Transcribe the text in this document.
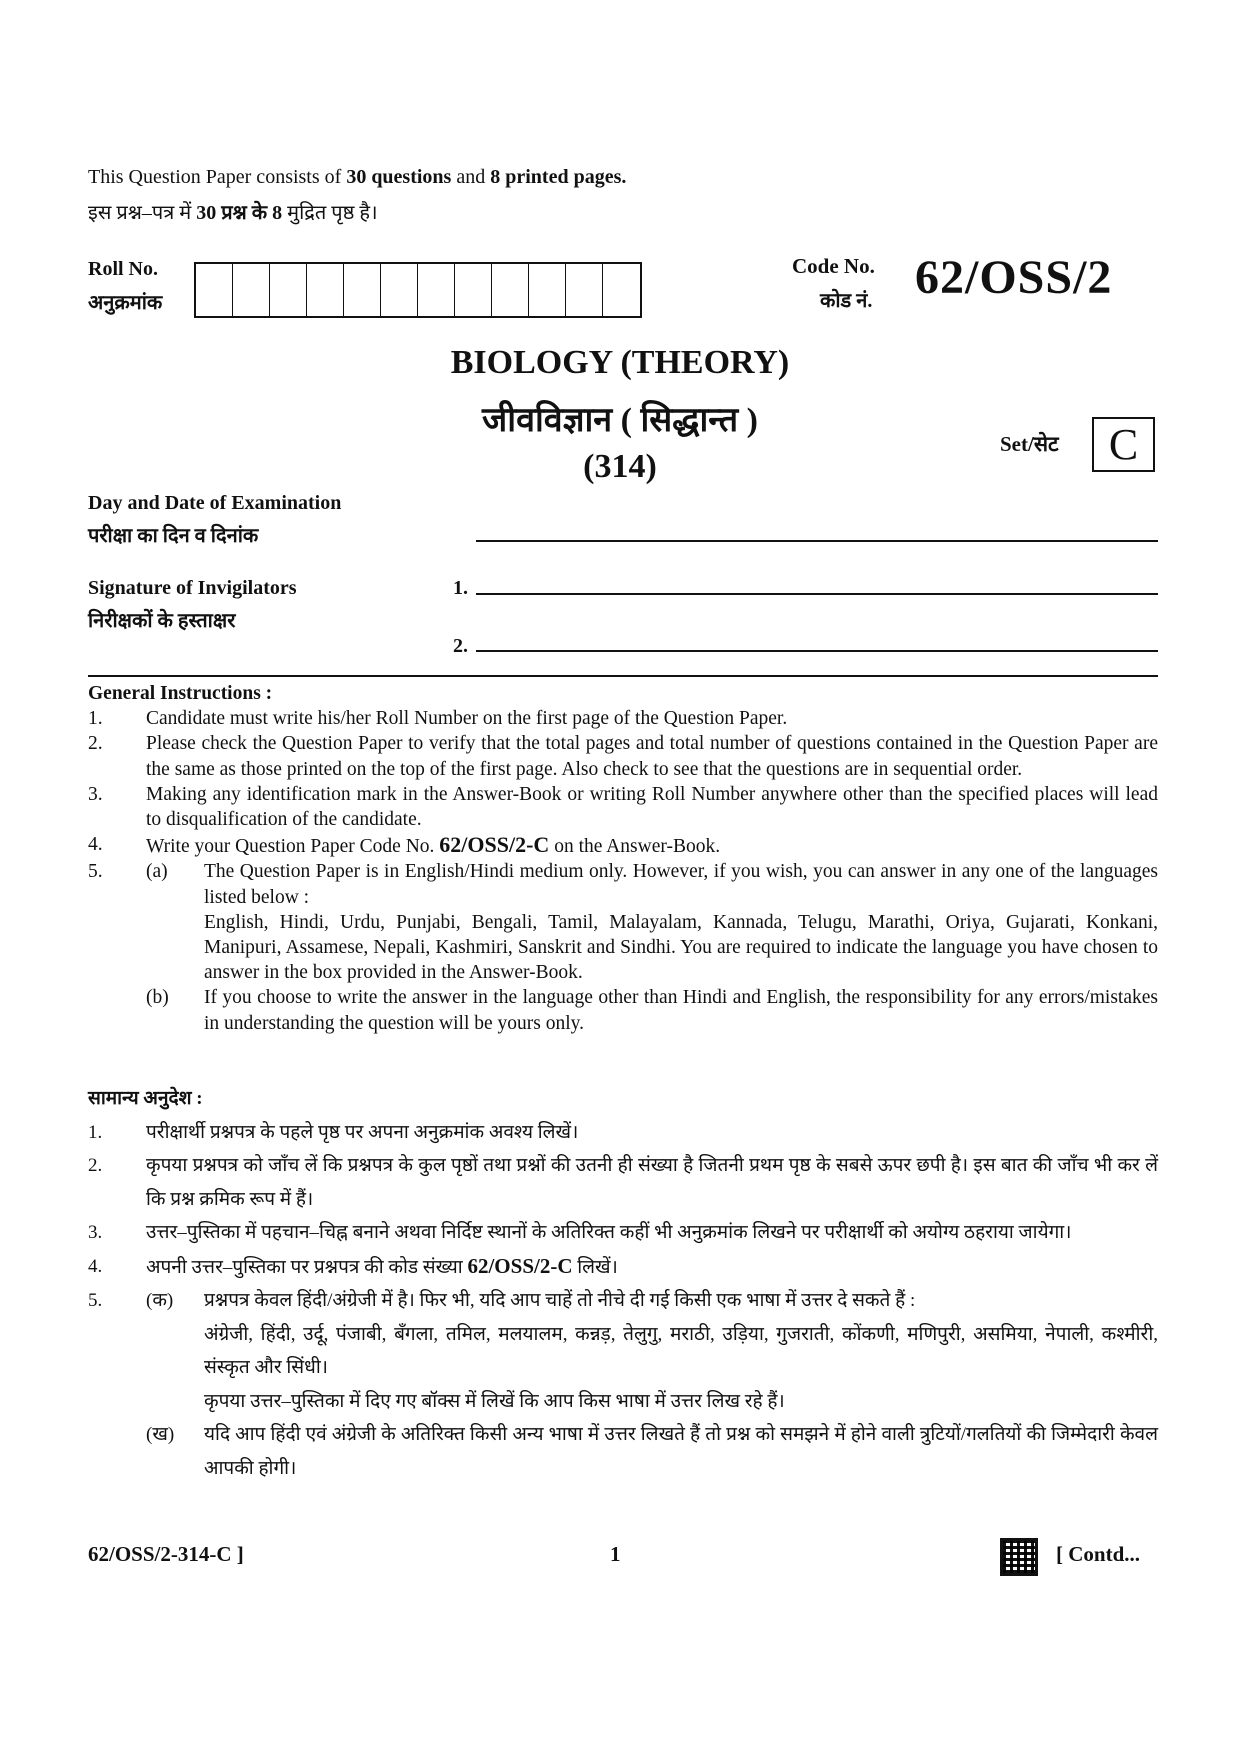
This Question Paper consists of 30 questions and 8 printed pages.
इस प्रश्न–पत्र में 30 प्रश्न के 8 मुद्रित पृष्ठ है।
Roll No.
अनुक्रमांक
Code No.
कोड नं. 62/OSS/2
BIOLOGY (THEORY)
जीवविज्ञान ( सिद्धान्त )
(314)
Set/सेट	C
Day and Date of Examination
परीक्षा का दिन व दिनांक
Signature of Invigilators
निरीक्षकों के हस्ताक्षर
1.
2.
General Instructions :
1.	Candidate must write his/her Roll Number on the first page of the Question Paper.
2.	Please check the Question Paper to verify that the total pages and total number of questions contained in the Question Paper are the same as those printed on the top of the first page. Also check to see that the questions are in sequential order.
3.	Making any identification mark in the Answer-Book or writing Roll Number anywhere other than the specified places will lead to disqualification of the candidate.
4.	Write your Question Paper Code No. 62/OSS/2-C on the Answer-Book.
5.	(a)	The Question Paper is in English/Hindi medium only. However, if you wish, you can answer in any one of the languages listed below :
English, Hindi, Urdu, Punjabi, Bengali, Tamil, Malayalam, Kannada, Telugu, Marathi, Oriya, Gujarati, Konkani, Manipuri, Assamese, Nepali, Kashmiri, Sanskrit and Sindhi. You are required to indicate the language you have chosen to answer in the box provided in the Answer-Book.
(b)	If you choose to write the answer in the language other than Hindi and English, the responsibility for any errors/mistakes in understanding the question will be yours only.
सामान्य अनुदेश :
1.	परीक्षार्थी प्रश्नपत्र के पहले पृष्ठ पर अपना अनुक्रमांक अवश्य लिखें।
2.	कृपया प्रश्नपत्र को जाँच लें कि प्रश्नपत्र के कुल पृष्ठों तथा प्रश्नों की उतनी ही संख्या है जितनी प्रथम पृष्ठ के सबसे ऊपर छपी है। इस बात की जाँच भी कर लें कि प्रश्न क्रमिक रूप में हैं।
3.	उत्तर–पुस्तिका में पहचान–चिह्न बनाने अथवा निर्दिष्ट स्थानों के अतिरिक्त कहीं भी अनुक्रमांक लिखने पर परीक्षार्थी को अयोग्य ठहराया जायेगा।
4.	अपनी उत्तर–पुस्तिका पर प्रश्नपत्र की कोड संख्या 62/OSS/2-C लिखें।
5.	(क)	प्रश्नपत्र केवल हिंदी/अंग्रेजी में है। फिर भी, यदि आप चाहें तो नीचे दी गई किसी एक भाषा में उत्तर दे सकते हैं :
अंग्रेजी, हिंदी, उर्दू, पंजाबी, बँगला, तमिल, मलयालम, कन्नड़, तेलुगु, मराठी, उड़िया, गुजराती, कोंकणी, मणिपुरी, असमिया, नेपाली, कश्मीरी, संस्कृत और सिंधी।
कृपया उत्तर–पुस्तिका में दिए गए बॉक्स में लिखें कि आप किस भाषा में उत्तर लिख रहे हैं।
(ख)	यदि आप हिंदी एवं अंग्रेजी के अतिरिक्त किसी अन्य भाषा में उत्तर लिखते हैं तो प्रश्न को समझने में होने वाली त्रुटियों/गलतियों की जिम्मेदारी केवल आपकी होगी।
62/OSS/2-314-C ]	1	[ Contd...
